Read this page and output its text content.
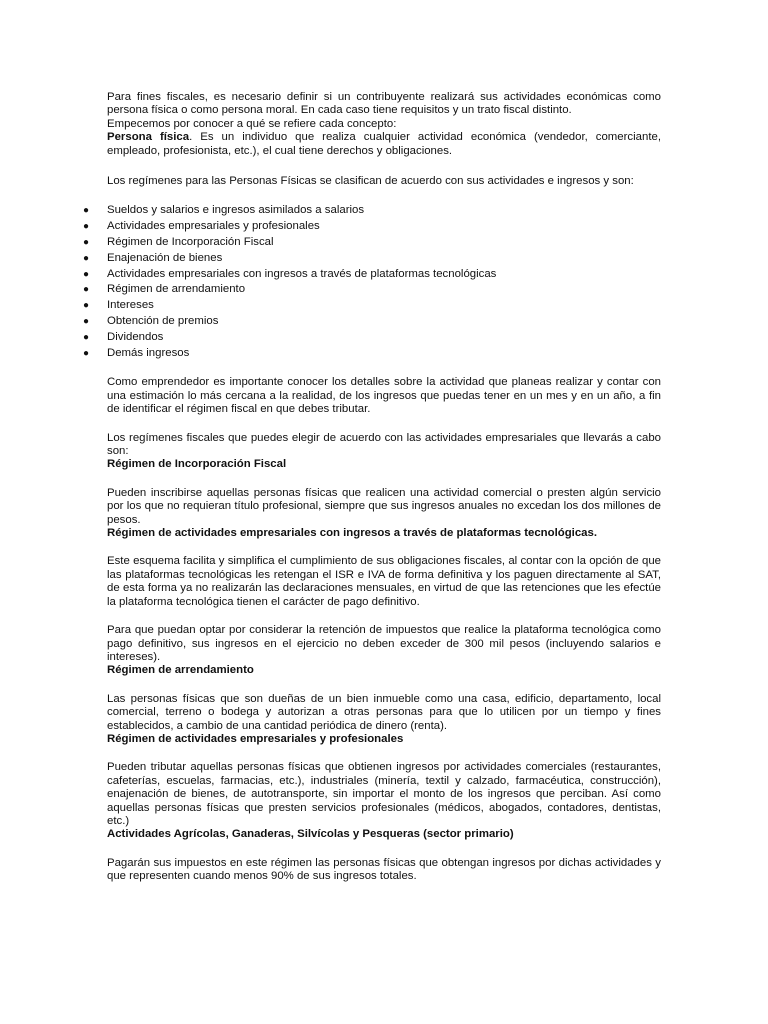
Para fines fiscales, es necesario definir si un contribuyente realizará sus actividades económicas como persona física o como persona moral. En cada caso tiene requisitos y un trato fiscal distinto.

Empecemos por conocer a qué se refiere cada concepto:

Persona física. Es un individuo que realiza cualquier actividad económica (vendedor, comerciante, empleado, profesionista, etc.), el cual tiene derechos y obligaciones.

Los regímenes para las Personas Físicas se clasifican de acuerdo con sus actividades e ingresos y son:

● Sueldos y salarios e ingresos asimilados a salarios
● Actividades empresariales y profesionales
● Régimen de Incorporación Fiscal
● Enajenación de bienes
● Actividades empresariales con ingresos a través de plataformas tecnológicas
● Régimen de arrendamiento
● Intereses
● Obtención de premios
● Dividendos
● Demás ingresos

Como emprendedor es importante conocer los detalles sobre la actividad que planeas realizar y contar con una estimación lo más cercana a la realidad, de los ingresos que puedas tener en un mes y en un año, a fin de identificar el régimen fiscal en que debes tributar.

Los regímenes fiscales que puedes elegir de acuerdo con las actividades empresariales que llevarás a cabo son:

Régimen de Incorporación Fiscal

Pueden inscribirse aquellas personas físicas que realicen una actividad comercial o presten algún servicio por los que no requieran título profesional, siempre que sus ingresos anuales no excedan los dos millones de pesos.

Régimen de actividades empresariales con ingresos a través de plataformas tecnológicas.

Este esquema facilita y simplifica el cumplimiento de sus obligaciones fiscales, al contar con la opción de que las plataformas tecnológicas les retengan el ISR e IVA de forma definitiva y los paguen directamente al SAT, de esta forma ya no realizarán las declaraciones mensuales, en virtud de que las retenciones que les efectúe la plataforma tecnológica tienen el carácter de pago definitivo.

Para que puedan optar por considerar la retención de impuestos que realice la plataforma tecnológica como pago definitivo, sus ingresos en el ejercicio no deben exceder de 300 mil pesos (incluyendo salarios e intereses).

Régimen de arrendamiento

Las personas físicas que son dueñas de un bien inmueble como una casa, edificio, departamento, local comercial, terreno o bodega y autorizan a otras personas para que lo utilicen por un tiempo y fines establecidos, a cambio de una cantidad periódica de dinero (renta).

Régimen de actividades empresariales y profesionales

Pueden tributar aquellas personas físicas que obtienen ingresos por actividades comerciales (restaurantes, cafeterías, escuelas, farmacias, etc.), industriales (minería, textil y calzado, farmacéutica, construcción), enajenación de bienes, de autotransporte, sin importar el monto de los ingresos que perciban. Así como aquellas personas físicas que presten servicios profesionales (médicos, abogados, contadores, dentistas, etc.)

Actividades Agrícolas, Ganaderas, Silvícolas y Pesqueras (sector primario)

Pagarán sus impuestos en este régimen las personas físicas que obtengan ingresos por dichas actividades y que representen cuando menos 90% de sus ingresos totales.
